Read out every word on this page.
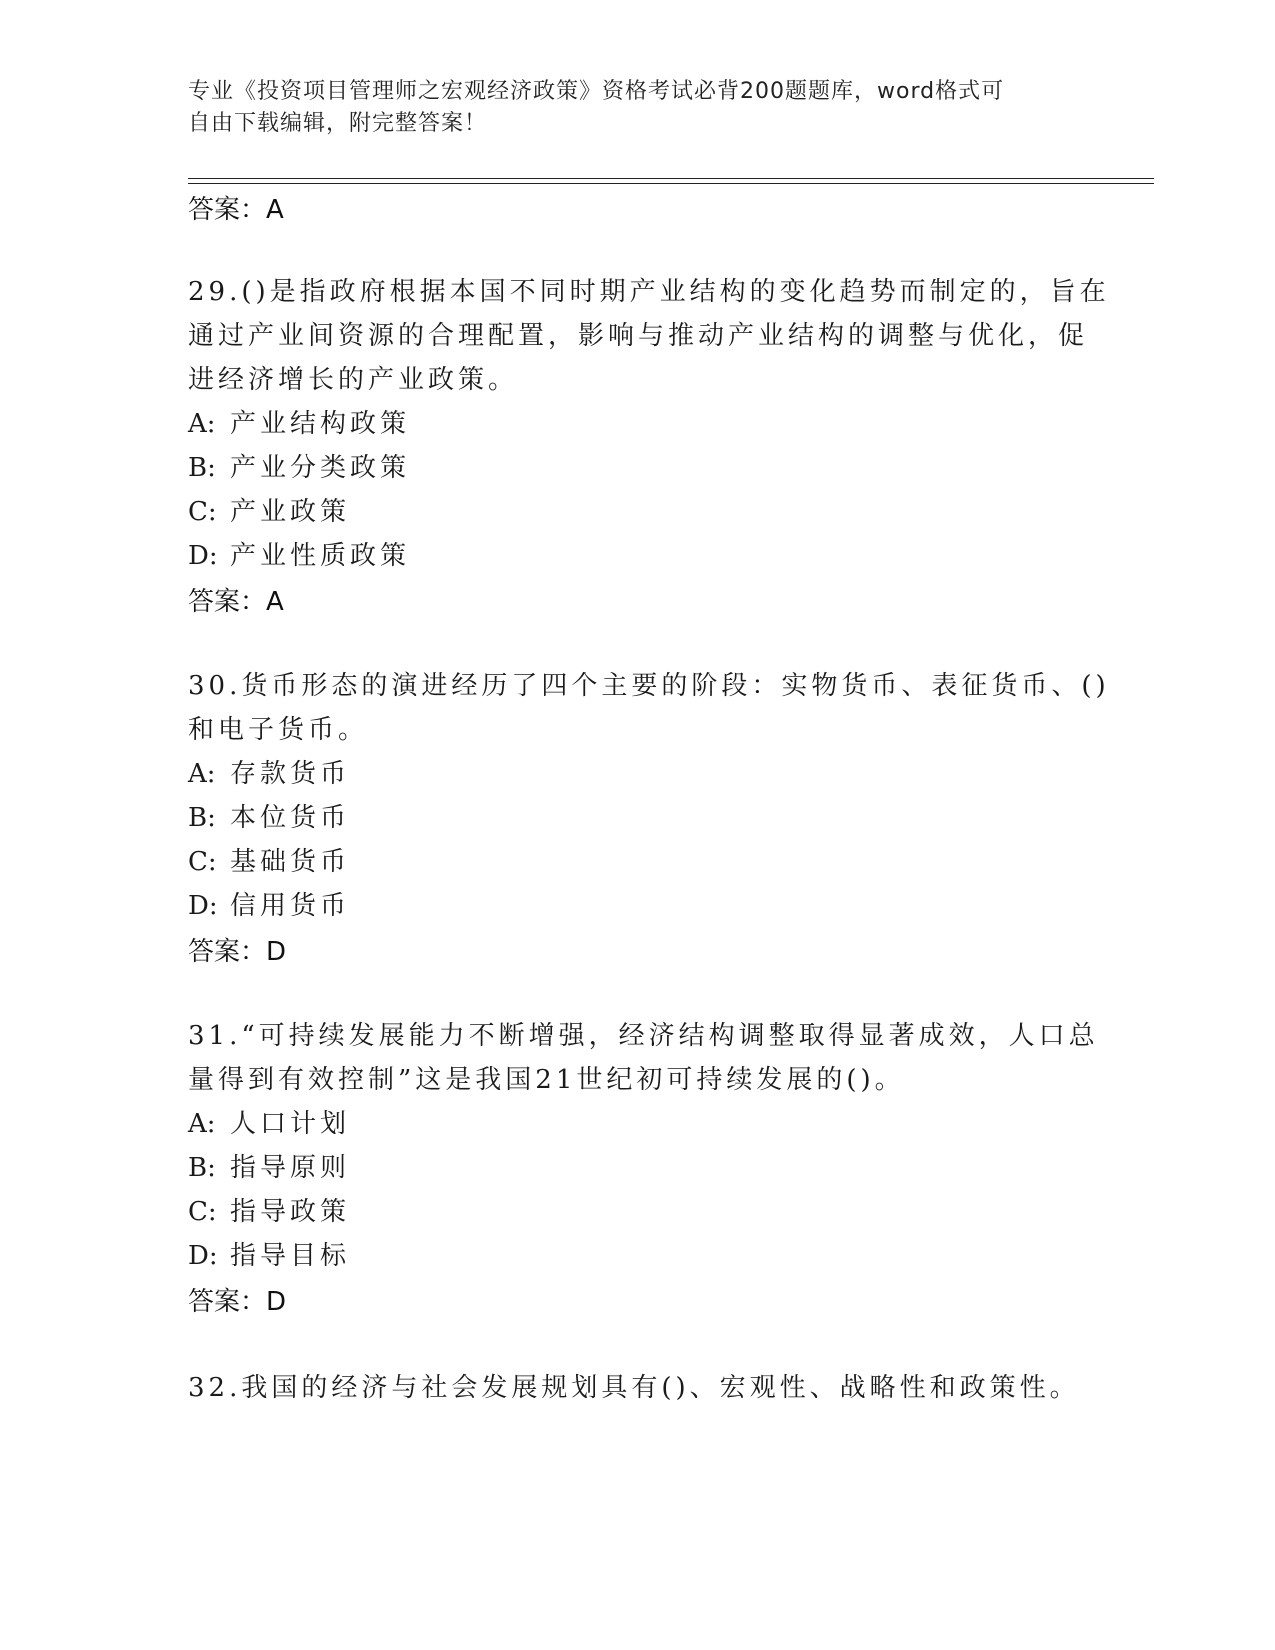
专业《投资项目管理师之宏观经济政策》资格考试必背200题题库，word格式可
自由下载编辑，附完整答案！
答案：A
29.()是指政府根据本国不同时期产业结构的变化趋势而制定的，旨在
通过产业间资源的合理配置，影响与推动产业结构的调整与优化，促
进经济增长的产业政策。
A: 产业结构政策
B: 产业分类政策
C: 产业政策
D: 产业性质政策
答案：A
30.货币形态的演进经历了四个主要的阶段：实物货币、表征货币、()
和电子货币。
A: 存款货币
B: 本位货币
C: 基础货币
D: 信用货币
答案：D
31.“可持续发展能力不断增强，经济结构调整取得显著成效，人口总
量得到有效控制”这是我国21世纪初可持续发展的()。
A: 人口计划
B: 指导原则
C: 指导政策
D: 指导目标
答案：D
32.我国的经济与社会发展规划具有()、宏观性、战略性和政策性。
